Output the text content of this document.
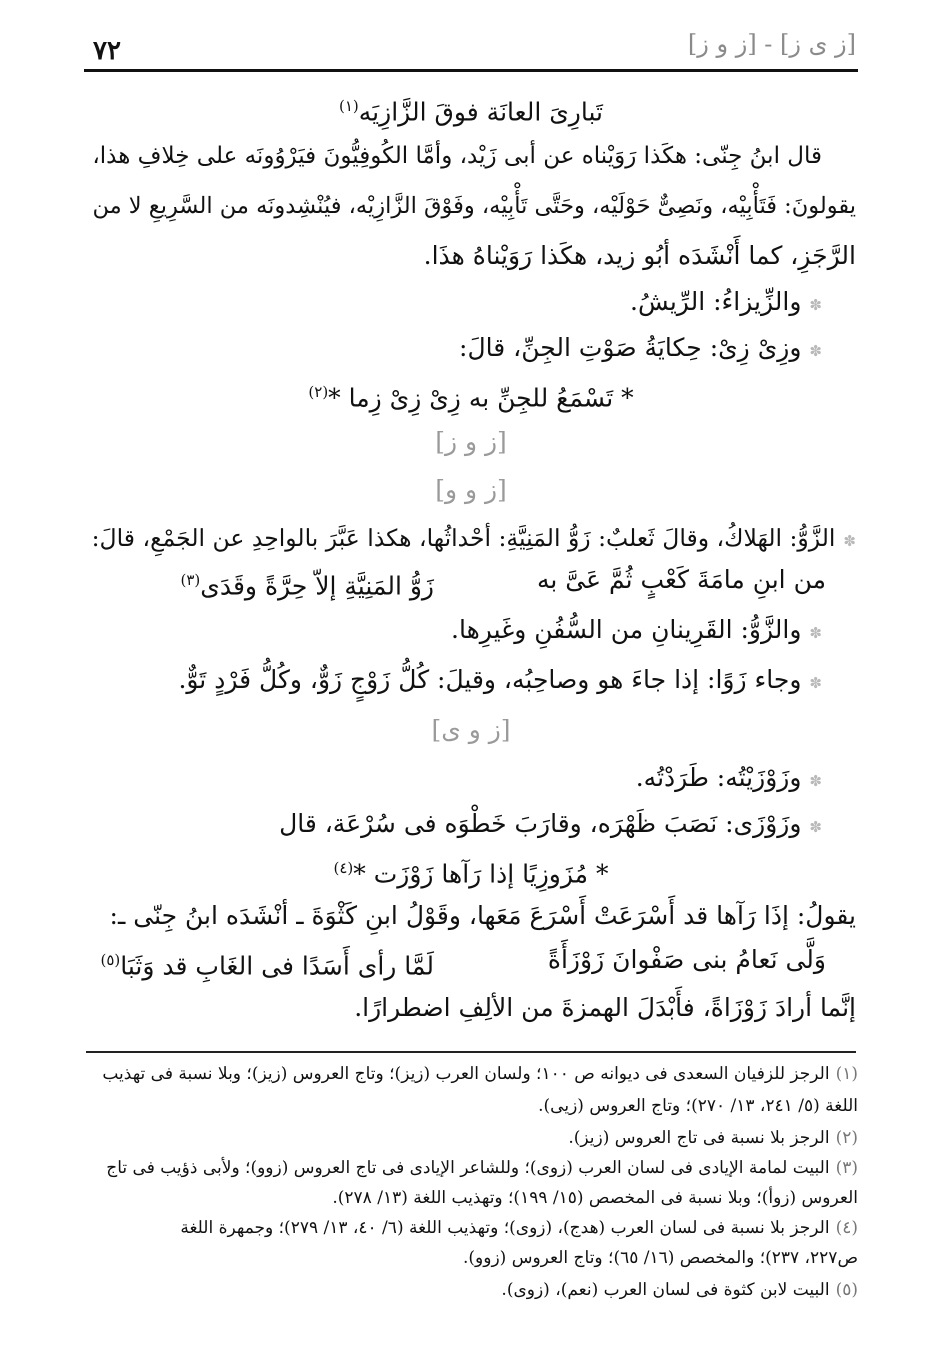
٧٢	[ز ى ز] - [ز و ز]
تَبارِىَ العانَة فوقَ الزَّازِيَه$^{(١)}$
قال ابنُ جِنّى: هكَذا رَوَيْناه عن أبى زَيْد، وأمَّا الكُوفِيُّونَ فيَرْوُونَه على خِلافِ هذا،
يقولونَ: فَتَأْبِيْه، ونَصِىٌّ حَوْلَيْه، وحَتَّى تَأْبِيْه، وفَوْقَ الزَّازِيْه، فيُنْشِدونَه من السَّرِيعِ لا من
الرَّجَزِ، كما أَنْشَدَه أبُو زيد، هكَذا رَوَيْناهُ هذَا.
✽والزِّيزاءُ: الرِّيشُ.
✽وزِىْ زِىْ: حِكايَةُ صَوْتِ الجِنِّ، قالَ:
* تَسْمَعُ للجِنِّ به زِىْ زِىْ زِما *$^{(٢)}$
[ز و ز]
[ز و و]
✽الزَّوُّ: الهَلاكُ، وقالَ ثَعلبٌ: زَوُّ المَنِيَّةِ: أحْداثُها، هكذا عَبَّرَ بالواحِدِ عن الجَمْعِ، قالَ:
من ابنِ مامَةَ كَعْبٍ ثُمَّ عَىَّ به
زَوُّ المَنِيَّةِ إلاّ حِرَّةً وقَدَى$^{(٣)}$
✽والزَّوُّ: القَرِينانِ من السُّفُنِ وغَيرِها.
✽وجاء زَوًا: إذا جاءَ هو وصاحِبُه، وقيلَ: كُلُّ زَوْجٍ زَوٌّ، وكُلُّ فَرْدٍ تَوٌّ.
[ز و ى]
✽وزَوْزَيْتُه: طَرَدْتُه.
✽وزَوْزَى: نَصَبَ ظَهْرَه، وقارَبَ خَطْوَه فى سُرْعَة، قال
* مُزَوزِيًا إذا رَآها زَوْزَت *$^{(٤)}$
يقولُ: إذَا رَآها قد أَسْرَعَتْ أَسْرَعَ مَعَها، وقَوْلُ ابنِ كَثْوَةَ ـ أنْشَدَه ابنُ جِنّى ـ:
وَلَّى نَعامُ بنى صَفْوانَ زَوْزَأَةً
لَمَّا رأى أَسَدًا فى الغَابِ قد وَثَبَا$^{(٥)}$
إنَّما أرادَ زَوْزَاةً، فأَبْدَلَ الهمزةَ من الألِفِ اضطرارًا.
(١)الرجز للزفيان السعدى فى ديوانه ص ١٠٠؛ ولسان العرب (زيز)؛ وتاج العروس (زيز)؛ وبلا نسبة فى تهذيب
اللغة (٥/ ٢٤١، ١٣/ ٢٧٠)؛ وتاج العروس (زيى).
(٢)الرجز بلا نسبة فى تاج العروس (زيز).
(٣)البيت لمامة الإيادى فى لسان العرب (زوى)؛ وللشاعر الإيادى فى تاج العروس (زوو)؛ ولأبى ذؤيب فى تاج
العروس (زوأ)؛ وبلا نسبة فى المخصص (١٥/ ١٩٩)؛ وتهذيب اللغة (١٣/ ٢٧٨).
(٤)الرجز بلا نسبة فى لسان العرب (هدج)، (زوى)؛ وتهذيب اللغة (٦/ ٤٠، ١٣/ ٢٧٩)؛ وجمهرة اللغة
ص٢٢٧، ٢٣٧)؛ والمخصص (١٦/ ٦٥)؛ وتاج العروس (زوو).
(٥)البيت لابن كثوة فى لسان العرب (نعم)، (زوى).
